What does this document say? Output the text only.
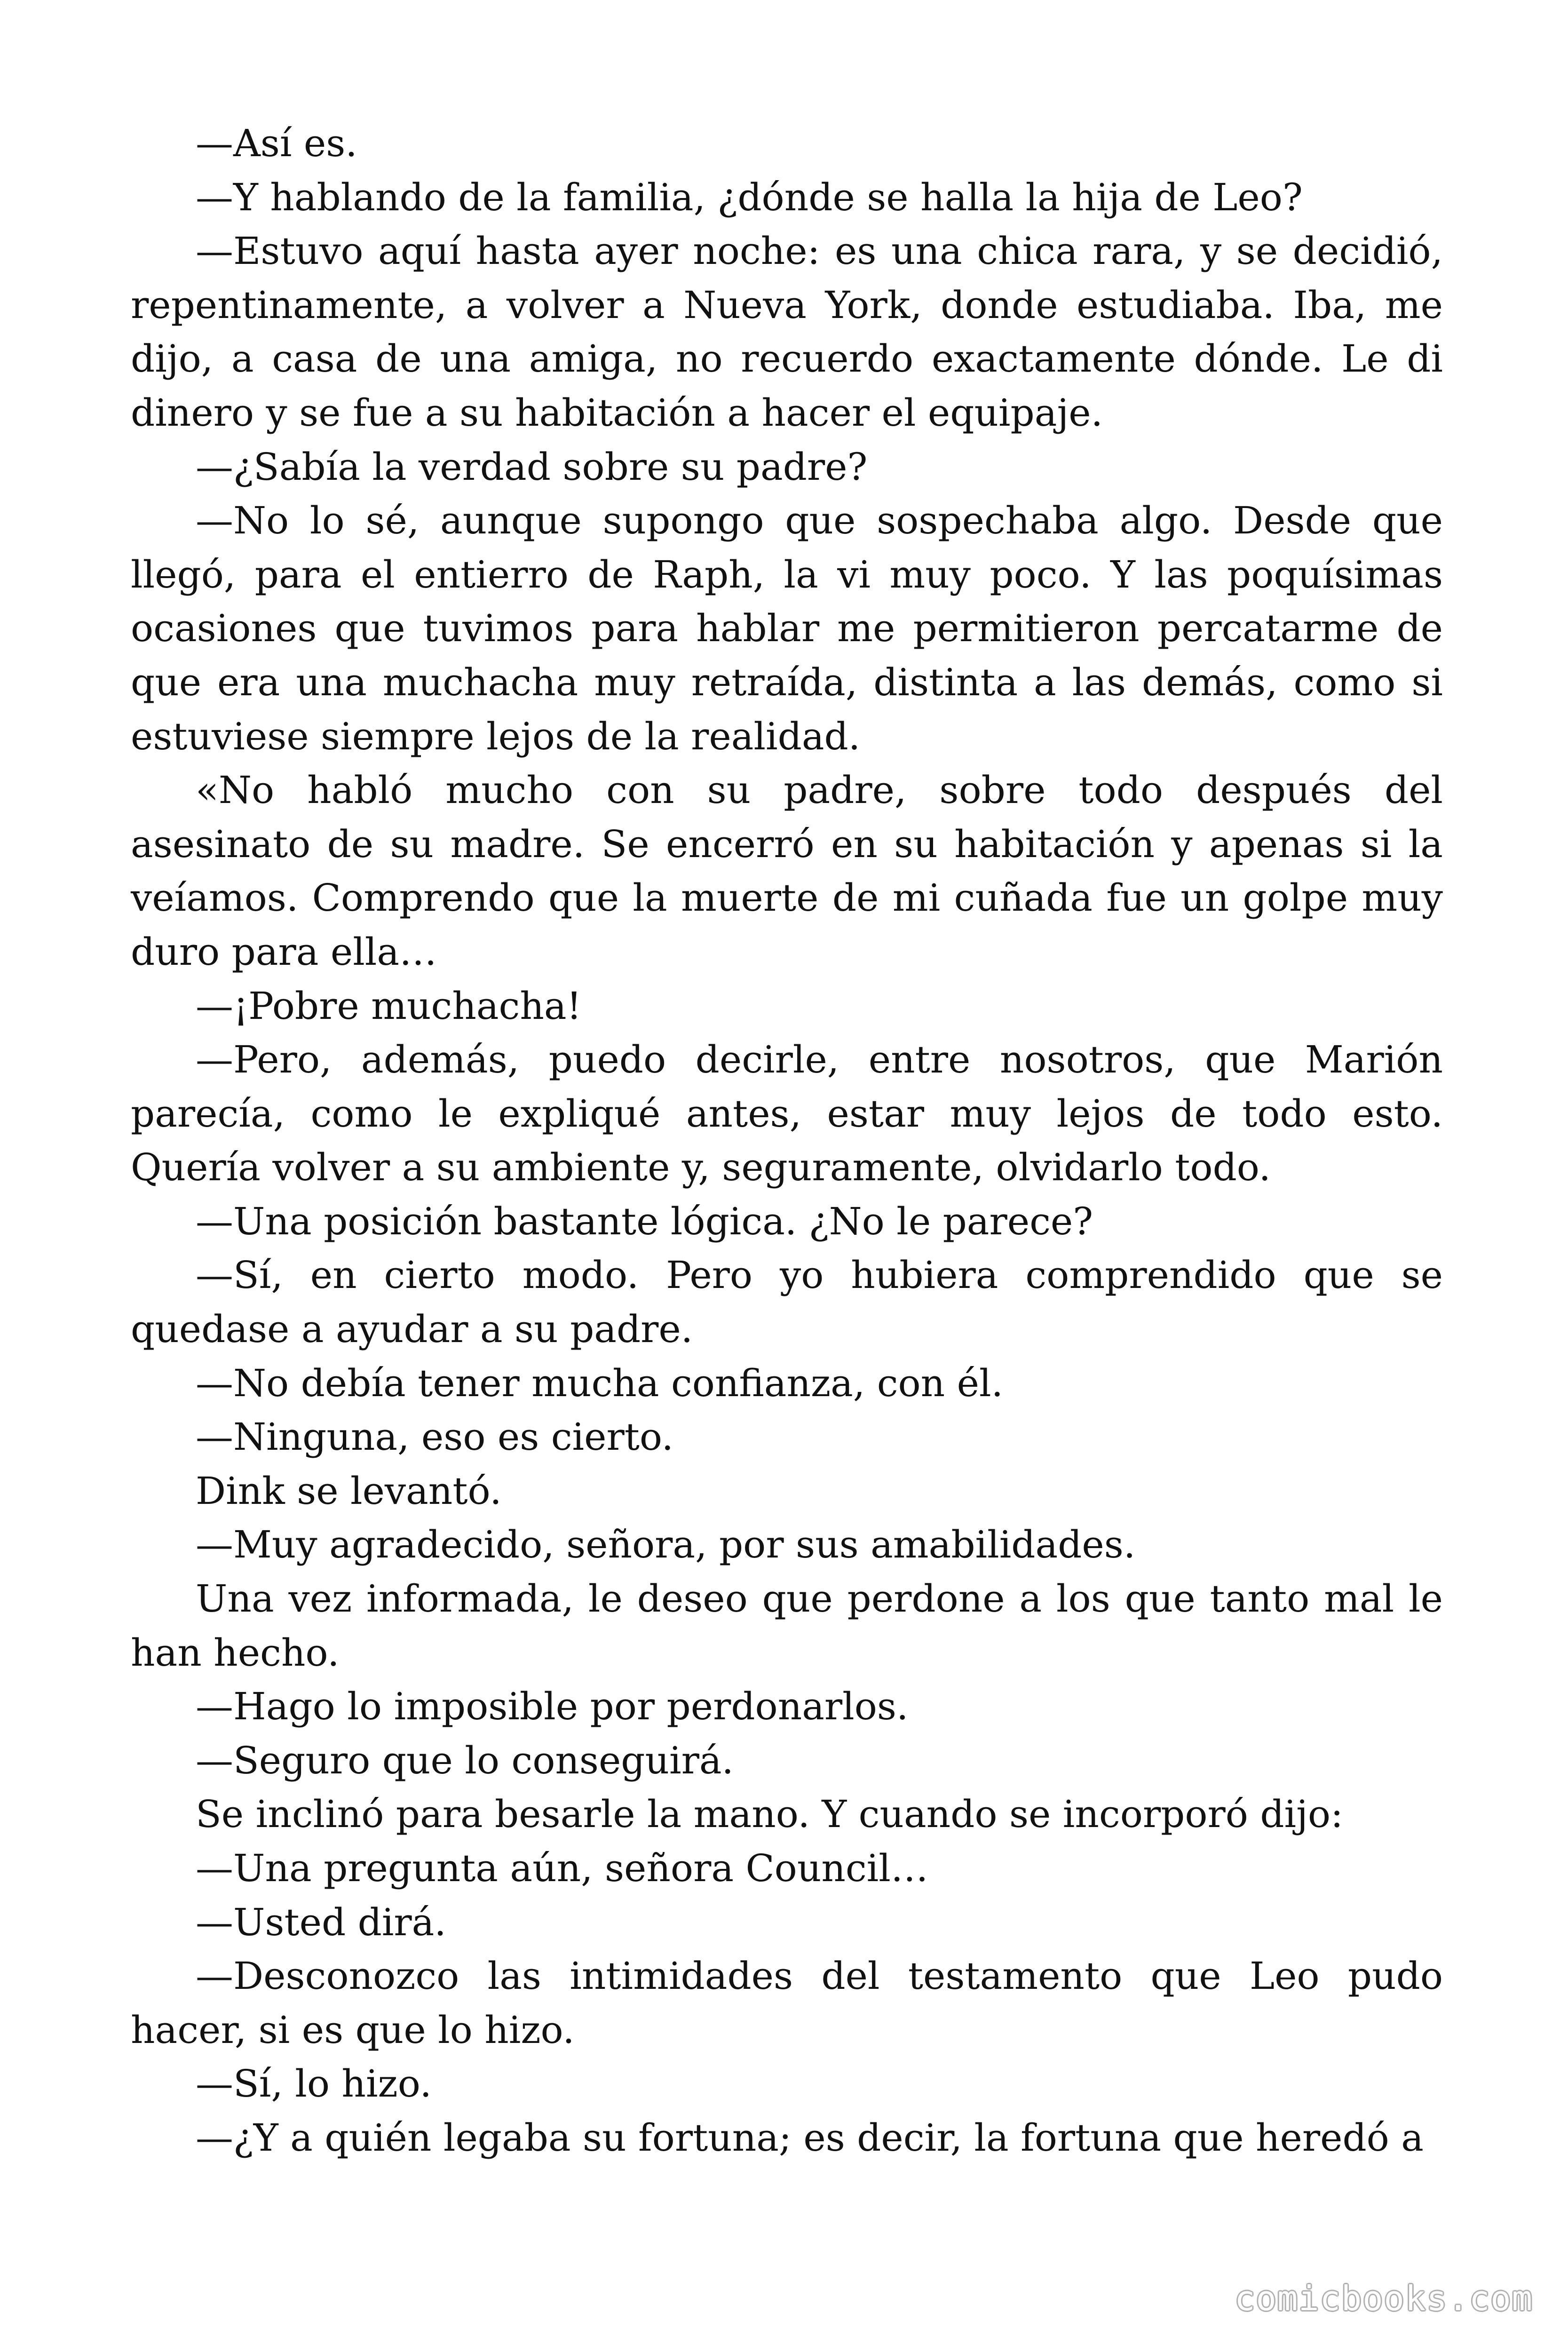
—Así es.

—Y hablando de la familia, ¿dónde se halla la hija de Leo?

—Estuvo aquí hasta ayer noche: es una chica rara, y se decidió, repentinamente, a volver a Nueva York, donde estudiaba. Iba, me dijo, a casa de una amiga, no recuerdo exactamente dónde. Le di dinero y se fue a su habitación a hacer el equipaje.

—¿Sabía la verdad sobre su padre?

—No lo sé, aunque supongo que sospechaba algo. Desde que llegó, para el entierro de Raph, la vi muy poco. Y las poquísimas ocasiones que tuvimos para hablar me permitieron percatarme de que era una muchacha muy retraída, distinta a las demás, como si estuviese siempre lejos de la realidad.

«No habló mucho con su padre, sobre todo después del asesinato de su madre. Se encerró en su habitación y apenas si la veíamos. Comprendo que la muerte de mi cuñada fue un golpe muy duro para ella…

—¡Pobre muchacha!

—Pero, además, puedo decirle, entre nosotros, que Marión parecía, como le expliqué antes, estar muy lejos de todo esto. Quería volver a su ambiente y, seguramente, olvidarlo todo.

—Una posición bastante lógica. ¿No le parece?

—Sí, en cierto modo. Pero yo hubiera comprendido que se quedase a ayudar a su padre.

—No debía tener mucha confianza, con él.

—Ninguna, eso es cierto.

Dink se levantó.

—Muy agradecido, señora, por sus amabilidades.

Una vez informada, le deseo que perdone a los que tanto mal le han hecho.

—Hago lo imposible por perdonarlos.

—Seguro que lo conseguirá.

Se inclinó para besarle la mano. Y cuando se incorporó dijo:

—Una pregunta aún, señora Council…

—Usted dirá.

—Desconozco las intimidades del testamento que Leo pudo hacer, si es que lo hizo.

—Sí, lo hizo.

—¿Y a quién legaba su fortuna; es decir, la fortuna que heredó a

comicbooks.com
